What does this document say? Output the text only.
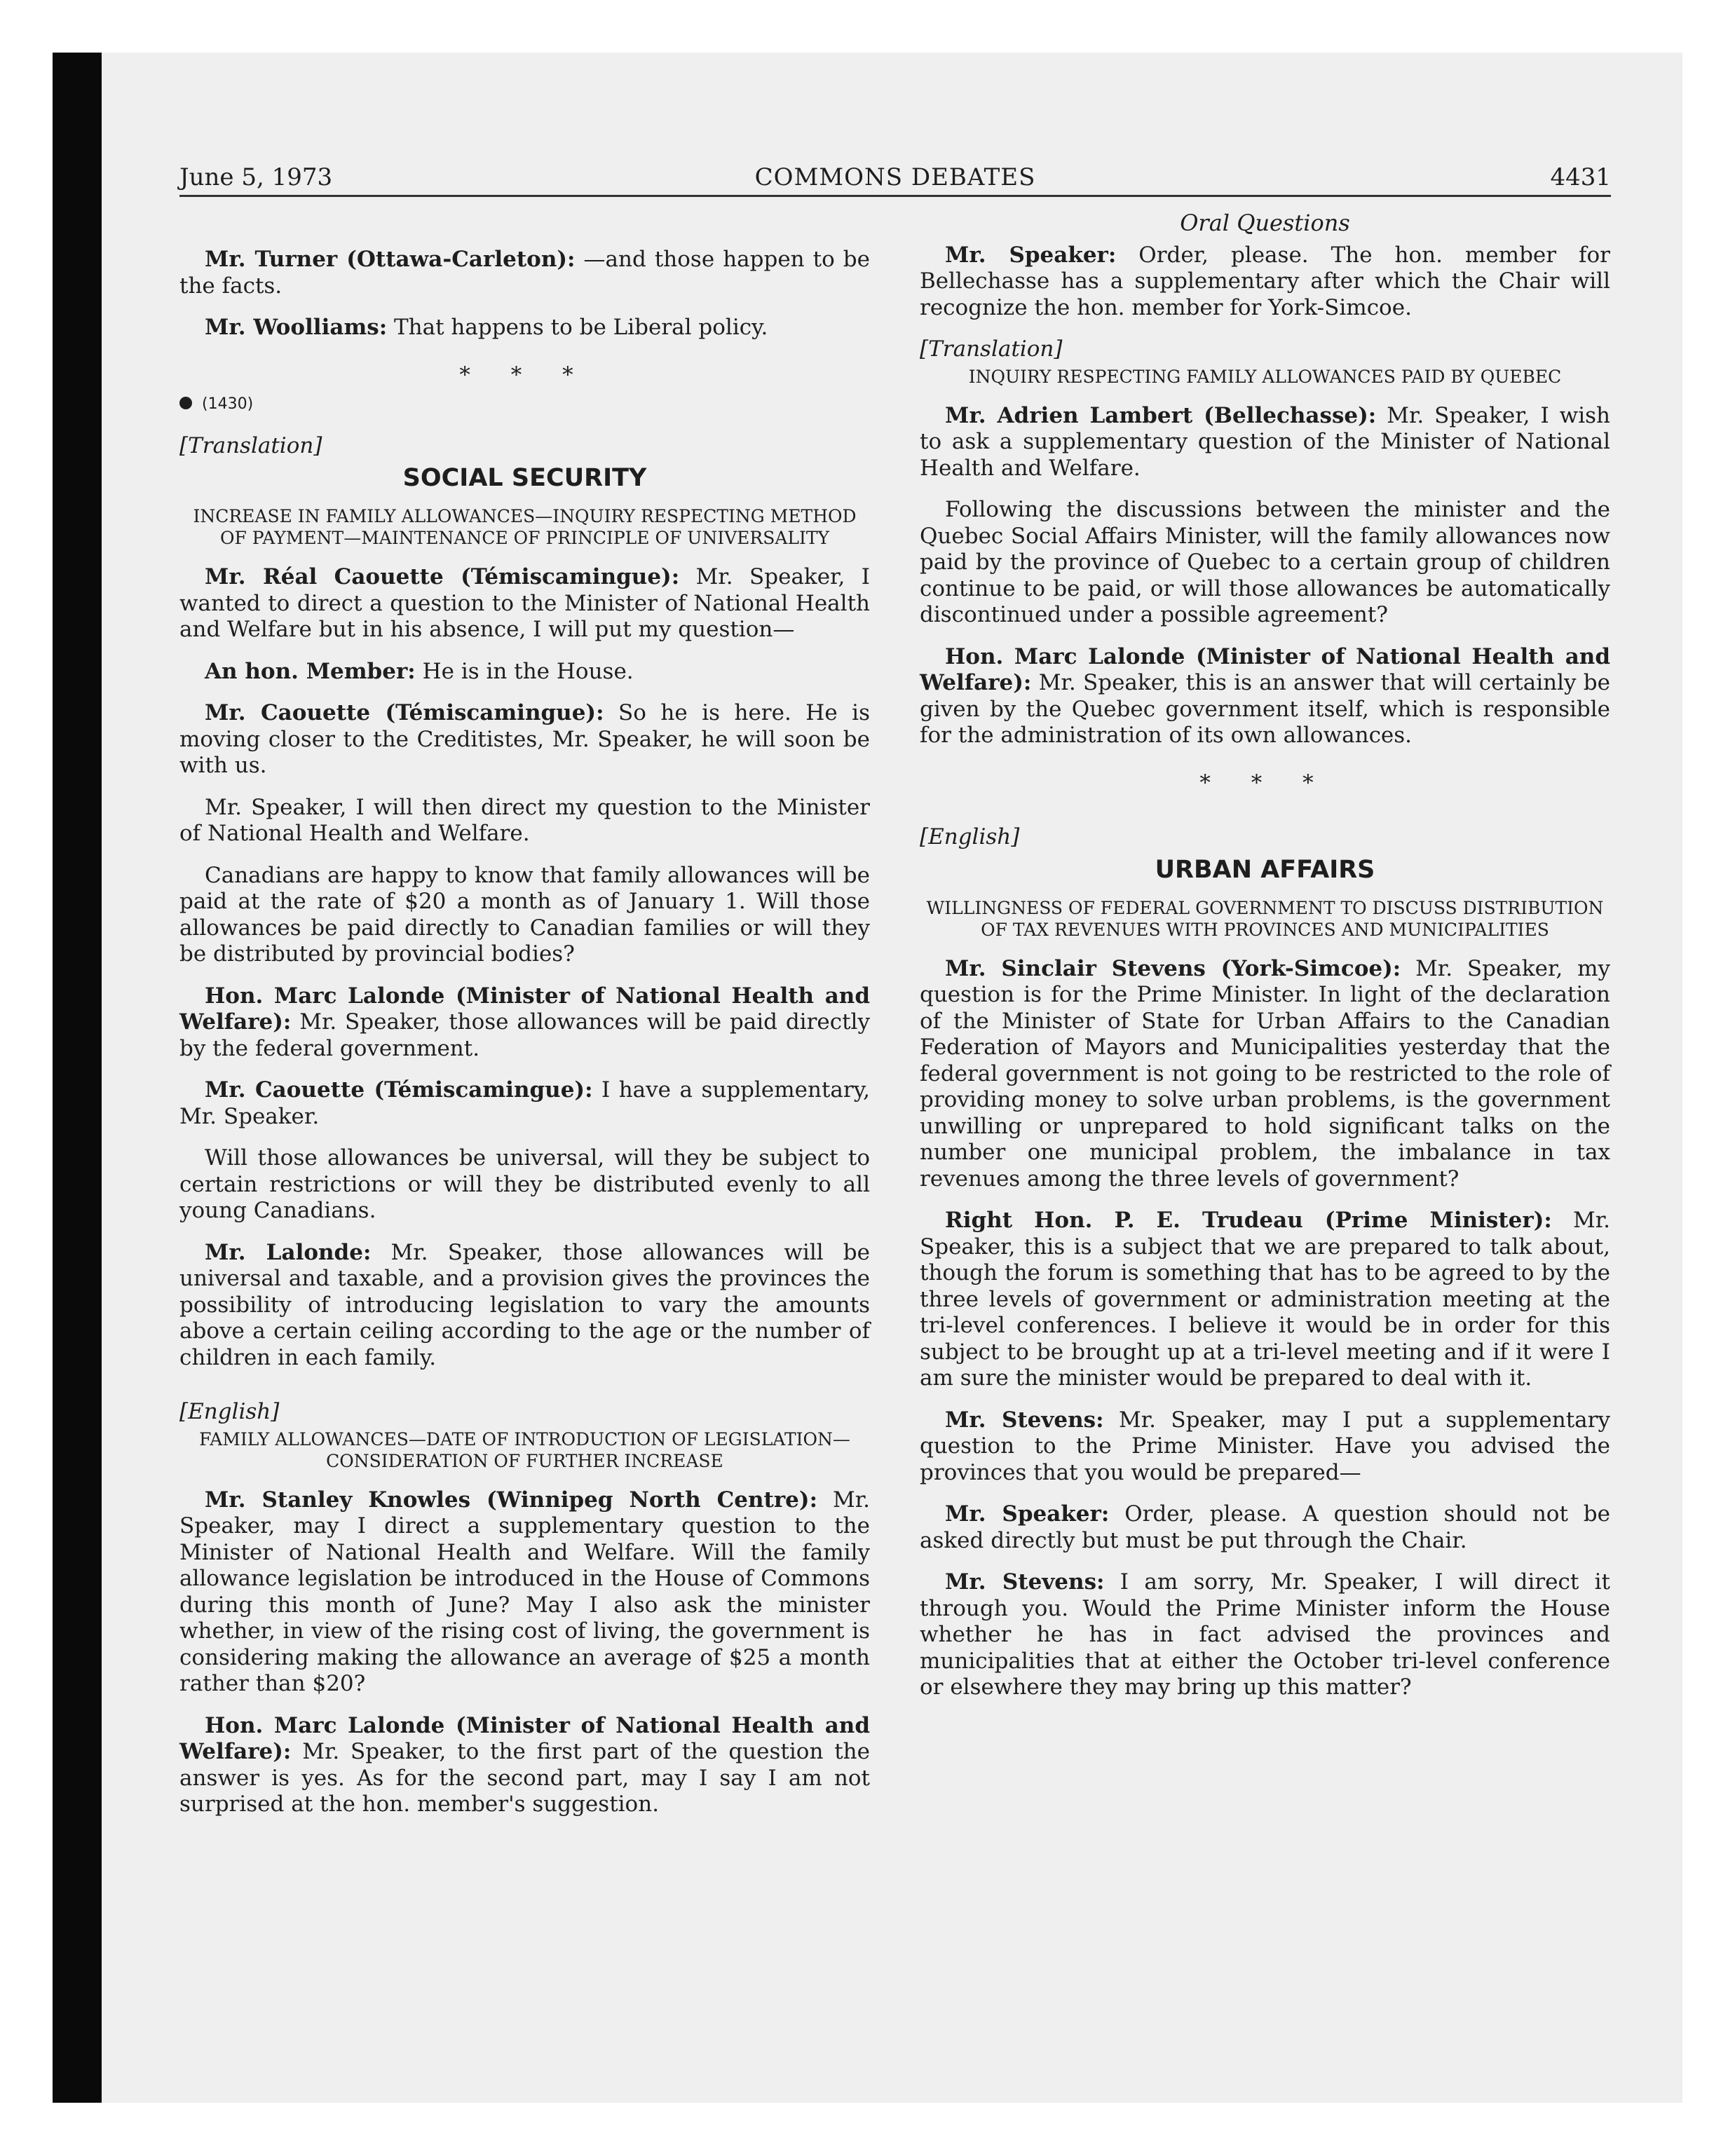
June 5, 1973	COMMONS DEBATES	4431

Mr. Turner (Ottawa-Carleton): —and those happen to be the facts.

Mr. Woolliams: That happens to be Liberal policy.

* * *

(1430)

[Translation]

SOCIAL SECURITY

INCREASE IN FAMILY ALLOWANCES—INQUIRY RESPECTING METHOD OF PAYMENT—MAINTENANCE OF PRINCIPLE OF UNIVERSALITY

Mr. Réal Caouette (Témiscamingue): Mr. Speaker, I wanted to direct a question to the Minister of National Health and Welfare but in his absence, I will put my question—

An hon. Member: He is in the House.

Mr. Caouette (Témiscamingue): So he is here. He is moving closer to the Creditistes, Mr. Speaker, he will soon be with us.

Mr. Speaker, I will then direct my question to the Minister of National Health and Welfare.

Canadians are happy to know that family allowances will be paid at the rate of $20 a month as of January 1. Will those allowances be paid directly to Canadian families or will they be distributed by provincial bodies?

Hon. Marc Lalonde (Minister of National Health and Welfare): Mr. Speaker, those allowances will be paid directly by the federal government.

Mr. Caouette (Témiscamingue): I have a supplementary, Mr. Speaker.

Will those allowances be universal, will they be subject to certain restrictions or will they be distributed evenly to all young Canadians.

Mr. Lalonde: Mr. Speaker, those allowances will be universal and taxable, and a provision gives the provinces the possibility of introducing legislation to vary the amounts above a certain ceiling according to the age or the number of children in each family.

[English]

FAMILY ALLOWANCES—DATE OF INTRODUCTION OF LEGISLATION—CONSIDERATION OF FURTHER INCREASE

Mr. Stanley Knowles (Winnipeg North Centre): Mr. Speaker, may I direct a supplementary question to the Minister of National Health and Welfare. Will the family allowance legislation be introduced in the House of Commons during this month of June? May I also ask the minister whether, in view of the rising cost of living, the government is considering making the allowance an average of $25 a month rather than $20?

Hon. Marc Lalonde (Minister of National Health and Welfare): Mr. Speaker, to the first part of the question the answer is yes. As for the second part, may I say I am not surprised at the hon. member's suggestion.

Oral Questions

Mr. Speaker: Order, please. The hon. member for Bellechasse has a supplementary after which the Chair will recognize the hon. member for York-Simcoe.

[Translation]

INQUIRY RESPECTING FAMILY ALLOWANCES PAID BY QUEBEC

Mr. Adrien Lambert (Bellechasse): Mr. Speaker, I wish to ask a supplementary question of the Minister of National Health and Welfare.

Following the discussions between the minister and the Quebec Social Affairs Minister, will the family allowances now paid by the province of Quebec to a certain group of children continue to be paid, or will those allowances be automatically discontinued under a possible agreement?

Hon. Marc Lalonde (Minister of National Health and Welfare): Mr. Speaker, this is an answer that will certainly be given by the Quebec government itself, which is responsible for the administration of its own allowances.

* * *

[English]

URBAN AFFAIRS

WILLINGNESS OF FEDERAL GOVERNMENT TO DISCUSS DISTRIBUTION OF TAX REVENUES WITH PROVINCES AND MUNICIPALITIES

Mr. Sinclair Stevens (York-Simcoe): Mr. Speaker, my question is for the Prime Minister. In light of the declaration of the Minister of State for Urban Affairs to the Canadian Federation of Mayors and Municipalities yesterday that the federal government is not going to be restricted to the role of providing money to solve urban problems, is the government unwilling or unprepared to hold significant talks on the number one municipal problem, the imbalance in tax revenues among the three levels of government?

Right Hon. P. E. Trudeau (Prime Minister): Mr. Speaker, this is a subject that we are prepared to talk about, though the forum is something that has to be agreed to by the three levels of government or administration meeting at the tri-level conferences. I believe it would be in order for this subject to be brought up at a tri-level meeting and if it were I am sure the minister would be prepared to deal with it.

Mr. Stevens: Mr. Speaker, may I put a supplementary question to the Prime Minister. Have you advised the provinces that you would be prepared—

Mr. Speaker: Order, please. A question should not be asked directly but must be put through the Chair.

Mr. Stevens: I am sorry, Mr. Speaker, I will direct it through you. Would the Prime Minister inform the House whether he has in fact advised the provinces and municipalities that at either the October tri-level conference or elsewhere they may bring up this matter?
